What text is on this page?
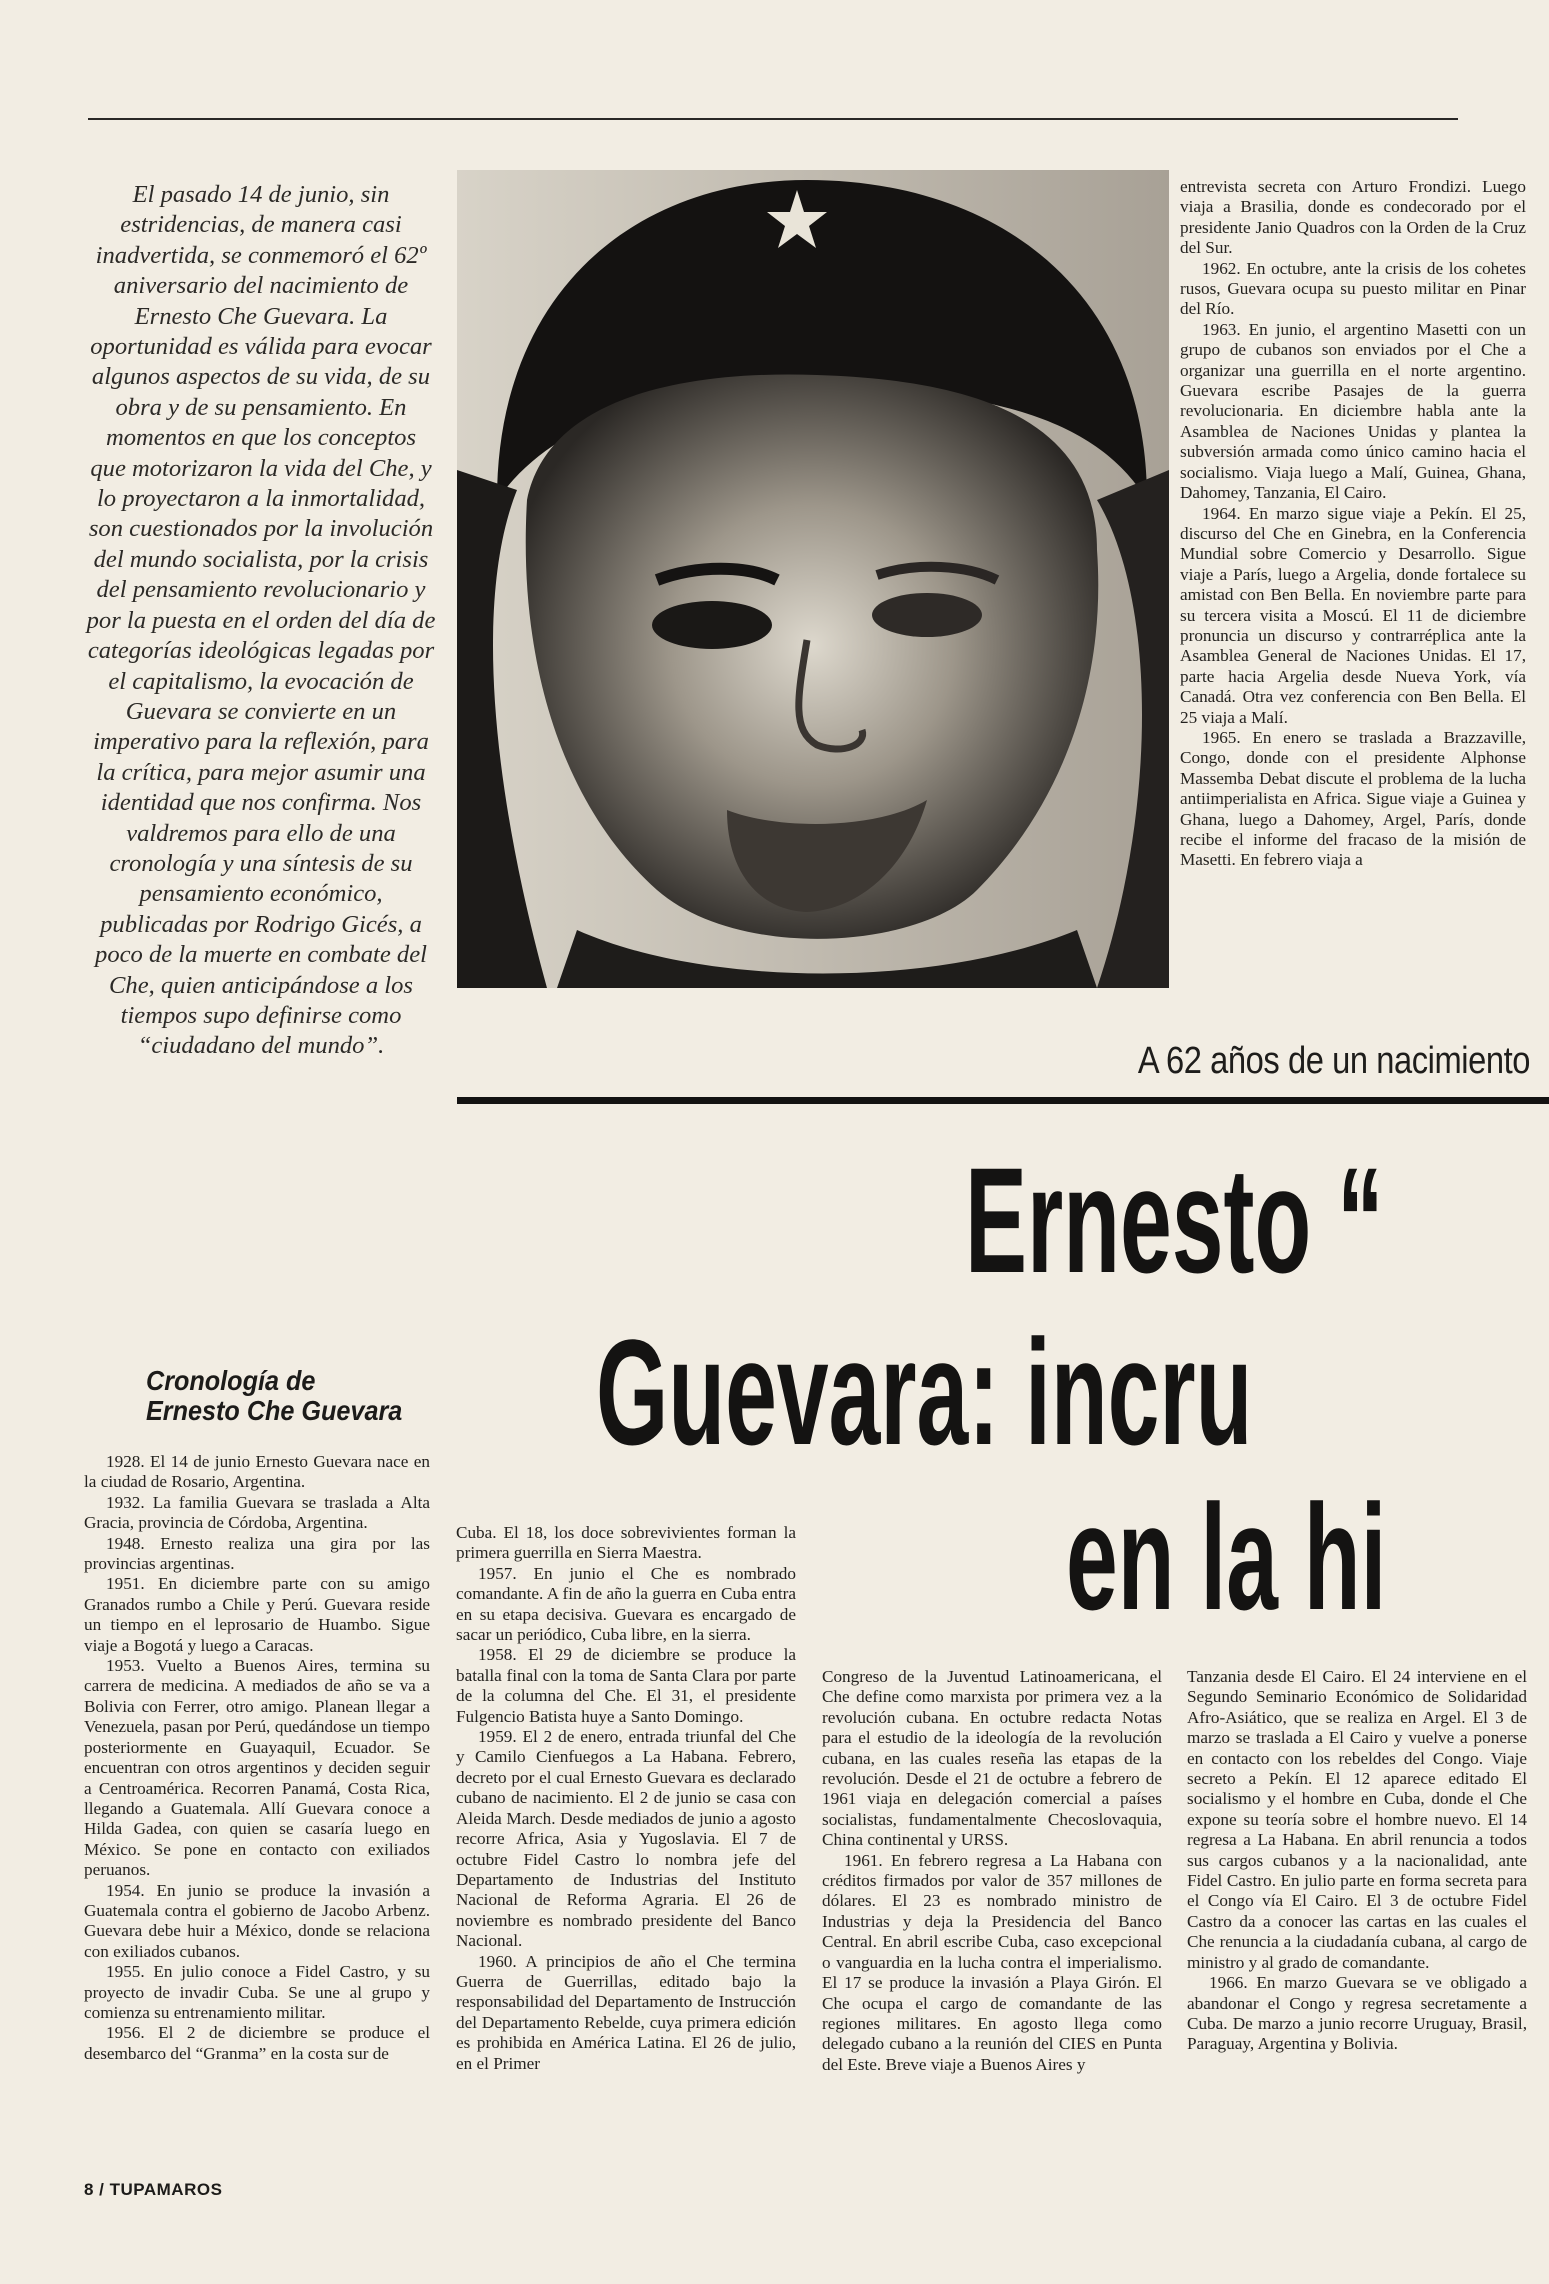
El pasado 14 de junio, sin estridencias, de manera casi inadvertida, se conmemoró el 62º aniversario del nacimiento de Ernesto Che Guevara. La oportunidad es válida para evocar algunos aspectos de su vida, de su obra y de su pensamiento. En momentos en que los conceptos que motorizaron la vida del Che, y lo proyectaron a la inmortalidad, son cuestionados por la involución del mundo socialista, por la crisis del pensamiento revolucionario y por la puesta en el orden del día de categorías ideológicas legadas por el capitalismo, la evocación de Guevara se convierte en un imperativo para la reflexión, para la crítica, para mejor asumir una identidad que nos confirma. Nos valdremos para ello de una cronología y una síntesis de su pensamiento económico, publicadas por Rodrigo Gicés, a poco de la muerte en combate del Che, quien anticipándose a los tiempos supo definirse como “ciudadano del mundo”.

entrevista secreta con Arturo Frondizi. Luego viaja a Brasilia, donde es condecorado por el presidente Janio Quadros con la Orden de la Cruz del Sur.

1962. En octubre, ante la crisis de los cohetes rusos, Guevara ocupa su puesto militar en Pinar del Río.

1963. En junio, el argentino Masetti con un grupo de cubanos son enviados por el Che a organizar una guerrilla en el norte argentino. Guevara escribe Pasajes de la guerra revolucionaria. En diciembre habla ante la Asamblea de Naciones Unidas y plantea la subversión armada como único camino hacia el socialismo. Viaja luego a Malí, Guinea, Ghana, Dahomey, Tanzania, El Cairo.

1964. En marzo sigue viaje a Pekín. El 25, discurso del Che en Ginebra, en la Conferencia Mundial sobre Comercio y Desarrollo. Sigue viaje a París, luego a Argelia, donde fortalece su amistad con Ben Bella. En noviembre parte para su tercera visita a Moscú. El 11 de diciembre pronuncia un discurso y contrarréplica ante la Asamblea General de Naciones Unidas. El 17, parte hacia Argelia desde Nueva York, vía Canadá. Otra vez conferencia con Ben Bella. El 25 viaja a Malí.

1965. En enero se traslada a Brazzaville, Congo, donde con el presidente Alphonse Massemba Debat discute el problema de la lucha antiimperialista en Africa. Sigue viaje a Guinea y Ghana, luego a Dahomey, Argel, París, donde recibe el informe del fracaso de la misión de Masetti. En febrero viaja a

A 62 años de un nacimiento
Ernesto “
Guevara: incru
en la hi
Cronología de
Ernesto Che Guevara

1928. El 14 de junio Ernesto Guevara nace en la ciudad de Rosario, Argentina.

1932. La familia Guevara se traslada a Alta Gracia, provincia de Córdoba, Argentina.

1948. Ernesto realiza una gira por las provincias argentinas.

1951. En diciembre parte con su amigo Granados rumbo a Chile y Perú. Guevara reside un tiempo en el leprosario de Huambo. Sigue viaje a Bogotá y luego a Caracas.

1953. Vuelto a Buenos Aires, termina su carrera de medicina. A mediados de año se va a Bolivia con Ferrer, otro amigo. Planean llegar a Venezuela, pasan por Perú, quedándose un tiempo posteriormente en Guayaquil, Ecuador. Se encuentran con otros argentinos y deciden seguir a Centroamérica. Recorren Panamá, Costa Rica, llegando a Guatemala. Allí Guevara conoce a Hilda Gadea, con quien se casaría luego en México. Se pone en contacto con exiliados peruanos.

1954. En junio se produce la invasión a Guatemala contra el gobierno de Jacobo Arbenz. Guevara debe huir a México, donde se relaciona con exiliados cubanos.

1955. En julio conoce a Fidel Castro, y su proyecto de invadir Cuba. Se une al grupo y comienza su entrenamiento militar.

1956. El 2 de diciembre se produce el desembarco del “Granma” en la costa sur de

Cuba. El 18, los doce sobrevivientes forman la primera guerrilla en Sierra Maestra.

1957. En junio el Che es nombrado comandante. A fin de año la guerra en Cuba entra en su etapa decisiva. Guevara es encargado de sacar un periódico, Cuba libre, en la sierra.

1958. El 29 de diciembre se produce la batalla final con la toma de Santa Clara por parte de la columna del Che. El 31, el presidente Fulgencio Batista huye a Santo Domingo.

1959. El 2 de enero, entrada triunfal del Che y Camilo Cienfuegos a La Habana. Febrero, decreto por el cual Ernesto Guevara es declarado cubano de nacimiento. El 2 de junio se casa con Aleida March. Desde mediados de junio a agosto recorre Africa, Asia y Yugoslavia. El 7 de octubre Fidel Castro lo nombra jefe del Departamento de Industrias del Instituto Nacional de Reforma Agraria. El 26 de noviembre es nombrado presidente del Banco Nacional.

1960. A principios de año el Che termina Guerra de Guerrillas, editado bajo la responsabilidad del Departamento de Instrucción del Departamento Rebelde, cuya primera edición es prohibida en América Latina. El 26 de julio, en el Primer

Congreso de la Juventud Latinoamericana, el Che define como marxista por primera vez a la revolución cubana. En octubre redacta Notas para el estudio de la ideología de la revolución cubana, en las cuales reseña las etapas de la revolución. Desde el 21 de octubre a febrero de 1961 viaja en delegación comercial a países socialistas, fundamentalmente Checoslovaquia, China continental y URSS.

1961. En febrero regresa a La Habana con créditos firmados por valor de 357 millones de dólares. El 23 es nombrado ministro de Industrias y deja la Presidencia del Banco Central. En abril escribe Cuba, caso excepcional o vanguardia en la lucha contra el imperialismo. El 17 se produce la invasión a Playa Girón. El Che ocupa el cargo de comandante de las regiones militares. En agosto llega como delegado cubano a la reunión del CIES en Punta del Este. Breve viaje a Buenos Aires y

Tanzania desde El Cairo. El 24 interviene en el Segundo Seminario Económico de Solidaridad Afro-Asiático, que se realiza en Argel. El 3 de marzo se traslada a El Cairo y vuelve a ponerse en contacto con los rebeldes del Congo. Viaje secreto a Pekín. El 12 aparece editado El socialismo y el hombre en Cuba, donde el Che expone su teoría sobre el hombre nuevo. El 14 regresa a La Habana. En abril renuncia a todos sus cargos cubanos y a la nacionalidad, ante Fidel Castro. En julio parte en forma secreta para el Congo vía El Cairo. El 3 de octubre Fidel Castro da a conocer las cartas en las cuales el Che renuncia a la ciudadanía cubana, al cargo de ministro y al grado de comandante.

1966. En marzo Guevara se ve obligado a abandonar el Congo y regresa secretamente a Cuba. De marzo a junio recorre Uruguay, Brasil, Paraguay, Argentina y Bolivia.

8 / TUPAMAROS
